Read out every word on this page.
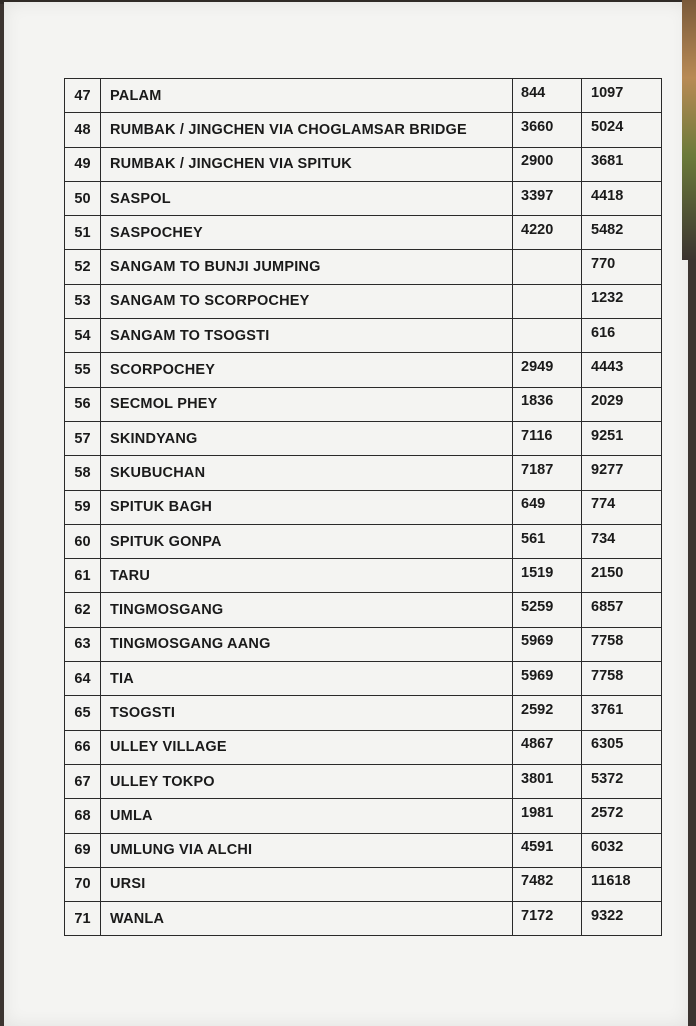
47	PALAM	844	1097
48	RUMBAK / JINGCHEN VIA CHOGLAMSAR BRIDGE	3660	5024
49	RUMBAK / JINGCHEN VIA SPITUK	2900	3681
50	SASPOL	3397	4418
51	SASPOCHEY	4220	5482
52	SANGAM TO BUNJI JUMPING		770
53	SANGAM TO SCORPOCHEY		1232
54	SANGAM TO TSOGSTI		616
55	SCORPOCHEY	2949	4443
56	SECMOL PHEY	1836	2029
57	SKINDYANG	7116	9251
58	SKUBUCHAN	7187	9277
59	SPITUK BAGH	649	774
60	SPITUK GONPA	561	734
61	TARU	1519	2150
62	TINGMOSGANG	5259	6857
63	TINGMOSGANG AANG	5969	7758
64	TIA	5969	7758
65	TSOGSTI	2592	3761
66	ULLEY VILLAGE	4867	6305
67	ULLEY TOKPO	3801	5372
68	UMLA	1981	2572
69	UMLUNG VIA ALCHI	4591	6032
70	URSI	7482	11618
71	WANLA	7172	9322
